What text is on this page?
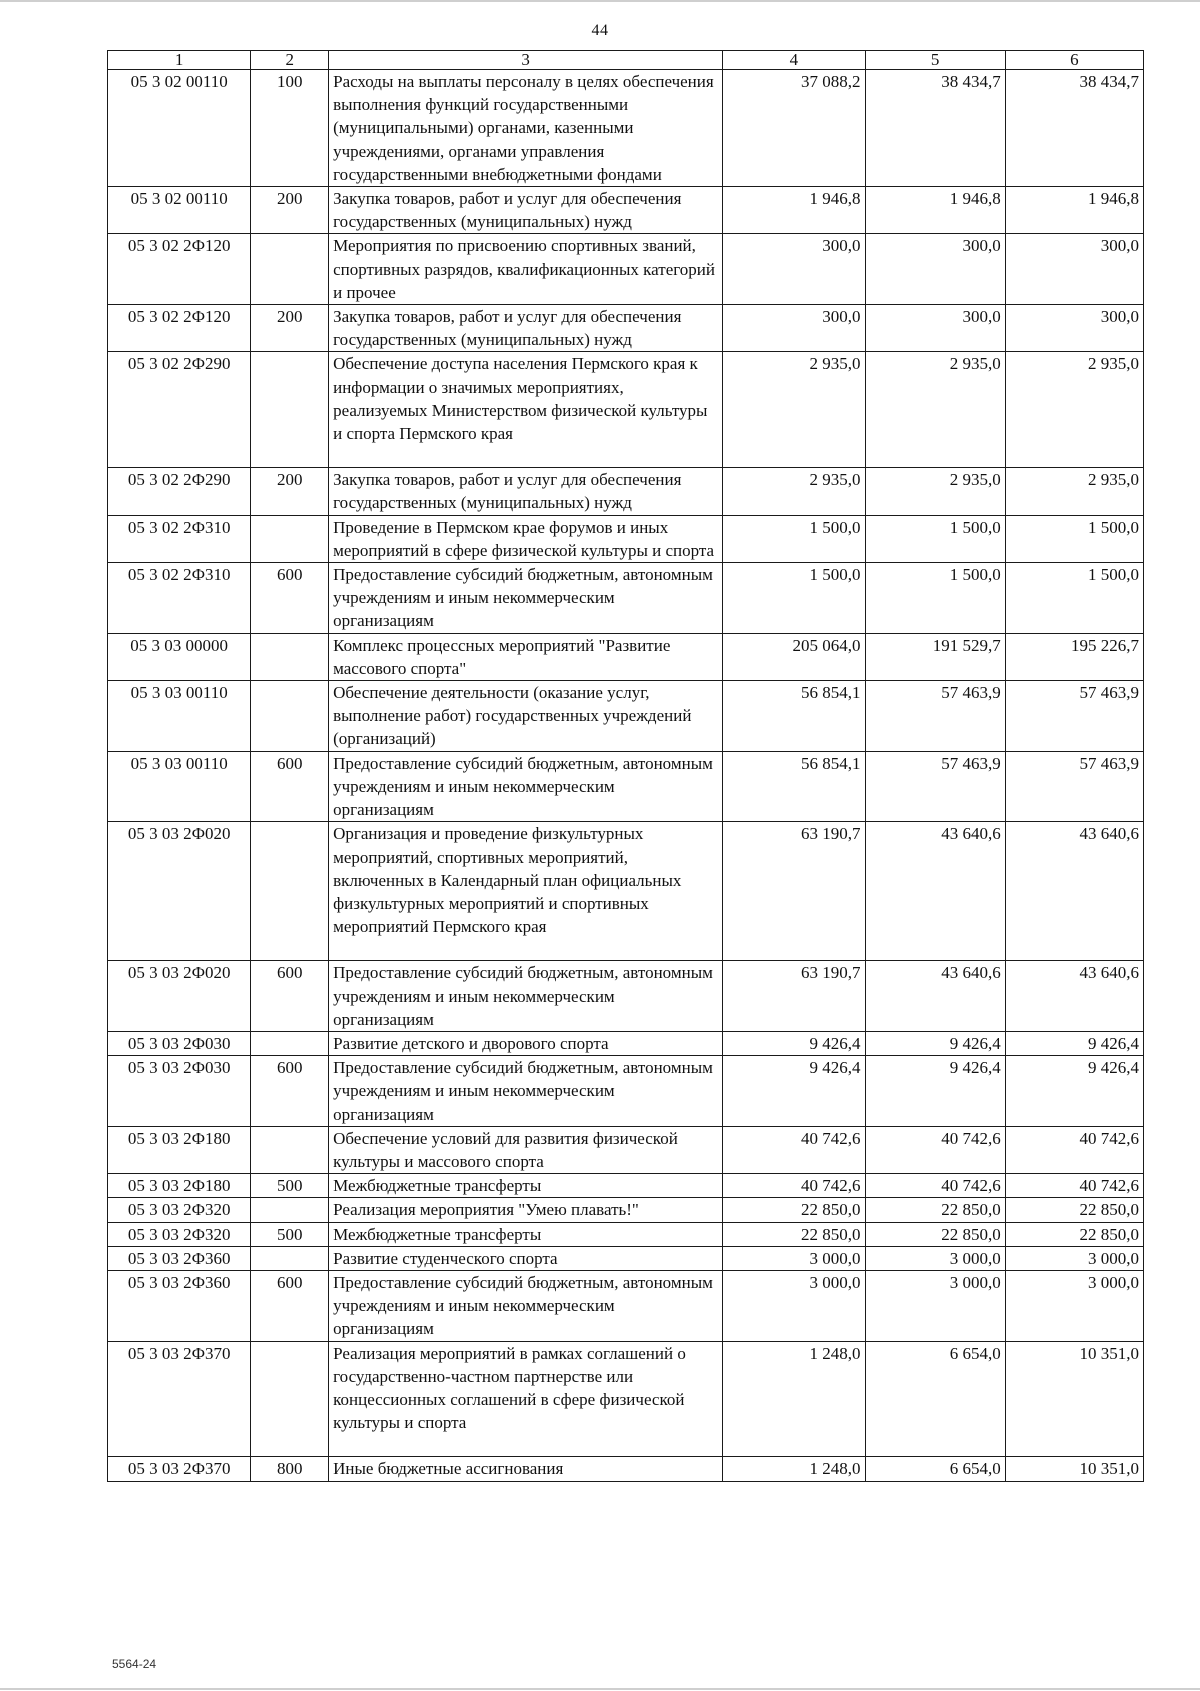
44
1	2	3	4	5	6
05 3 02 00110	100	Расходы на выплаты персоналу в целях обеспечения выполнения функций государственными (муниципальными) органами, казенными учреждениями, органами управления государственными внебюджетными фондами	37 088,2	38 434,7	38 434,7
05 3 02 00110	200	Закупка товаров, работ и услуг для обеспечения государственных (муниципальных) нужд	1 946,8	1 946,8	1 946,8
05 3 02 2Ф120		Мероприятия по присвоению спортивных званий, спортивных разрядов, квалификационных категорий и прочее	300,0	300,0	300,0
05 3 02 2Ф120	200	Закупка товаров, работ и услуг для обеспечения государственных (муниципальных) нужд	300,0	300,0	300,0
05 3 02 2Ф290		Обеспечение доступа населения Пермского края к информации о значимых мероприятиях, реализуемых Министерством физической культуры и спорта Пермского края	2 935,0	2 935,0	2 935,0
05 3 02 2Ф290	200	Закупка товаров, работ и услуг для обеспечения государственных (муниципальных) нужд	2 935,0	2 935,0	2 935,0
05 3 02 2Ф310		Проведение в Пермском крае форумов и иных мероприятий в сфере физической культуры и спорта	1 500,0	1 500,0	1 500,0
05 3 02 2Ф310	600	Предоставление субсидий бюджетным, автономным учреждениям и иным некоммерческим организациям	1 500,0	1 500,0	1 500,0
05 3 03 00000		Комплекс процессных мероприятий "Развитие массового спорта"	205 064,0	191 529,7	195 226,7
05 3 03 00110		Обеспечение деятельности (оказание услуг, выполнение работ) государственных учреждений (организаций)	56 854,1	57 463,9	57 463,9
05 3 03 00110	600	Предоставление субсидий бюджетным, автономным учреждениям и иным некоммерческим организациям	56 854,1	57 463,9	57 463,9
05 3 03 2Ф020		Организация и проведение физкультурных мероприятий, спортивных мероприятий, включенных в Календарный план официальных физкультурных мероприятий и спортивных мероприятий Пермского края	63 190,7	43 640,6	43 640,6
05 3 03 2Ф020	600	Предоставление субсидий бюджетным, автономным учреждениям и иным некоммерческим организациям	63 190,7	43 640,6	43 640,6
05 3 03 2Ф030		Развитие детского и дворового спорта	9 426,4	9 426,4	9 426,4
05 3 03 2Ф030	600	Предоставление субсидий бюджетным, автономным учреждениям и иным некоммерческим организациям	9 426,4	9 426,4	9 426,4
05 3 03 2Ф180		Обеспечение условий для развития физической культуры и массового спорта	40 742,6	40 742,6	40 742,6
05 3 03 2Ф180	500	Межбюджетные трансферты	40 742,6	40 742,6	40 742,6
05 3 03 2Ф320		Реализация мероприятия "Умею плавать!"	22 850,0	22 850,0	22 850,0
05 3 03 2Ф320	500	Межбюджетные трансферты	22 850,0	22 850,0	22 850,0
05 3 03 2Ф360		Развитие студенческого спорта	3 000,0	3 000,0	3 000,0
05 3 03 2Ф360	600	Предоставление субсидий бюджетным, автономным учреждениям и иным некоммерческим организациям	3 000,0	3 000,0	3 000,0
05 3 03 2Ф370		Реализация мероприятий в рамках соглашений о государственно-частном партнерстве или концессионных соглашений в сфере физической культуры и спорта	1 248,0	6 654,0	10 351,0
05 3 03 2Ф370	800	Иные бюджетные ассигнования	1 248,0	6 654,0	10 351,0
5564-24
